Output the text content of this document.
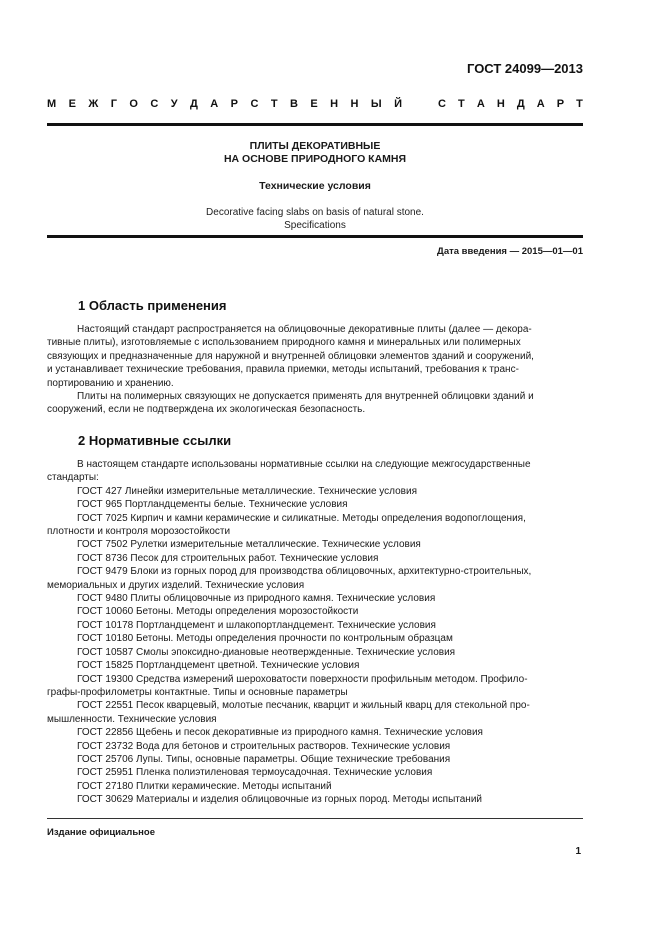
ГОСТ 24099—2013

М Е Ж Г О С У Д А Р С Т В Е Н Н Ы Й	С Т А Н Д А Р Т
ПЛИТЫ ДЕКОРАТИВНЫЕ
НА ОСНОВЕ ПРИРОДНОГО КАМНЯ
Технические условия
Decorative facing slabs on basis of natural stone.
Specifications

Дата введения — 2015—01—01

1 Область применения

Настоящий стандарт распространяется на облицовочные декоративные плиты (далее — декора-
тивные плиты), изготовляемые с использованием природного камня и минеральных или полимерных
связующих и предназначенные для наружной и внутренней облицовки элементов зданий и сооружений,
и устанавливает технические требования, правила приемки, методы испытаний, требования к транс-
портированию и хранению.

Плиты на полимерных связующих не допускается применять для внутренней облицовки зданий и
сооружений, если не подтверждена их экологическая безопасность.

2 Нормативные ссылки

В настоящем стандарте использованы нормативные ссылки на следующие межгосударственные

стандарты:

ГОСТ 427 Линейки измерительные металлические. Технические условия

ГОСТ 965 Портландцементы белые. Технические условия

ГОСТ 7025 Кирпич и камни керамические и силикатные. Методы определения водопоглощения,

плотности и контроля морозостойкости

ГОСТ 7502 Рулетки измерительные металлические. Технические условия

ГОСТ 8736 Песок для строительных работ. Технические условия

ГОСТ 9479 Блоки из горных пород для производства облицовочных, архитектурно-строительных,

мемориальных и других изделий. Технические условия

ГОСТ 9480 Плиты облицовочные из природного камня. Технические условия

ГОСТ 10060 Бетоны. Методы определения морозостойкости

ГОСТ 10178 Портландцемент и шлакопортландцемент. Технические условия

ГОСТ 10180 Бетоны. Методы определения прочности по контрольным образцам

ГОСТ 10587 Смолы эпоксидно-диановые неотвержденные. Технические условия

ГОСТ 15825 Портландцемент цветной. Технические условия

ГОСТ 19300 Средства измерений шероховатости поверхности профильным методом. Профило-

графы-профилометры контактные. Типы и основные параметры

ГОСТ 22551 Песок кварцевый, молотые песчаник, кварцит и жильный кварц для стекольной про-

мышленности. Технические условия

ГОСТ 22856 Щебень и песок декоративные из природного камня. Технические условия

ГОСТ 23732 Вода для бетонов и строительных растворов. Технические условия

ГОСТ 25706 Лупы. Типы, основные параметры. Общие технические требования

ГОСТ 25951 Пленка полиэтиленовая термоусадочная. Технические условия

ГОСТ 27180 Плитки керамические. Методы испытаний

ГОСТ 30629 Материалы и изделия облицовочные из горных пород. Методы испытаний

Издание официальное

1
